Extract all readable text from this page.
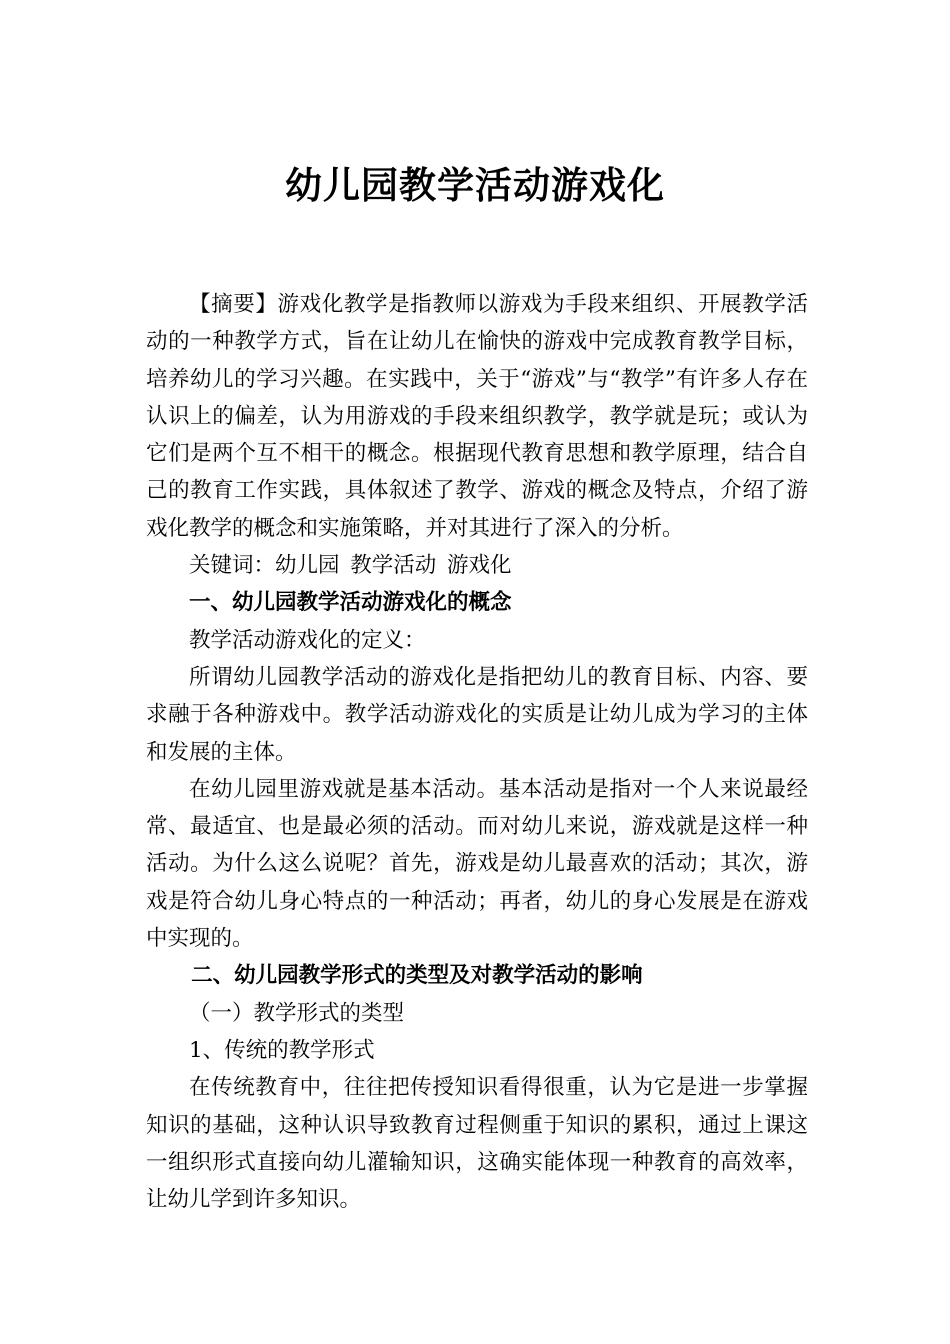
幼儿园教学活动游戏化

【摘要】游戏化教学是指教师以游戏为手段来组织、开展教学活动的一种教学方式，旨在让幼儿在愉快的游戏中完成教育教学目标，培养幼儿的学习兴趣。在实践中，关于“游戏”与“教学”有许多人存在认识上的偏差，认为用游戏的手段来组织教学，教学就是玩；或认为它们是两个互不相干的概念。根据现代教育思想和教学原理，结合自己的教育工作实践，具体叙述了教学、游戏的概念及特点，介绍了游戏化教学的概念和实施策略，并对其进行了深入的分析。

关键词：幼儿园 教学活动 游戏化

一、幼儿园教学活动游戏化的概念

教学活动游戏化的定义：

所谓幼儿园教学活动的游戏化是指把幼儿的教育目标、内容、要求融于各种游戏中。教学活动游戏化的实质是让幼儿成为学习的主体和发展的主体。

在幼儿园里游戏就是基本活动。基本活动是指对一个人来说最经常、最适宜、也是最必须的活动。而对幼儿来说，游戏就是这样一种活动。为什么这么说呢？首先，游戏是幼儿最喜欢的活动；其次，游戏是符合幼儿身心特点的一种活动；再者，幼儿的身心发展是在游戏中实现的。

二、幼儿园教学形式的类型及对教学活动的影响

（一）教学形式的类型

1、传统的教学形式

在传统教育中，往往把传授知识看得很重，认为它是进一步掌握知识的基础，这种认识导致教育过程侧重于知识的累积，通过上课这一组织形式直接向幼儿灌输知识，这确实能体现一种教育的高效率，让幼儿学到许多知识。
